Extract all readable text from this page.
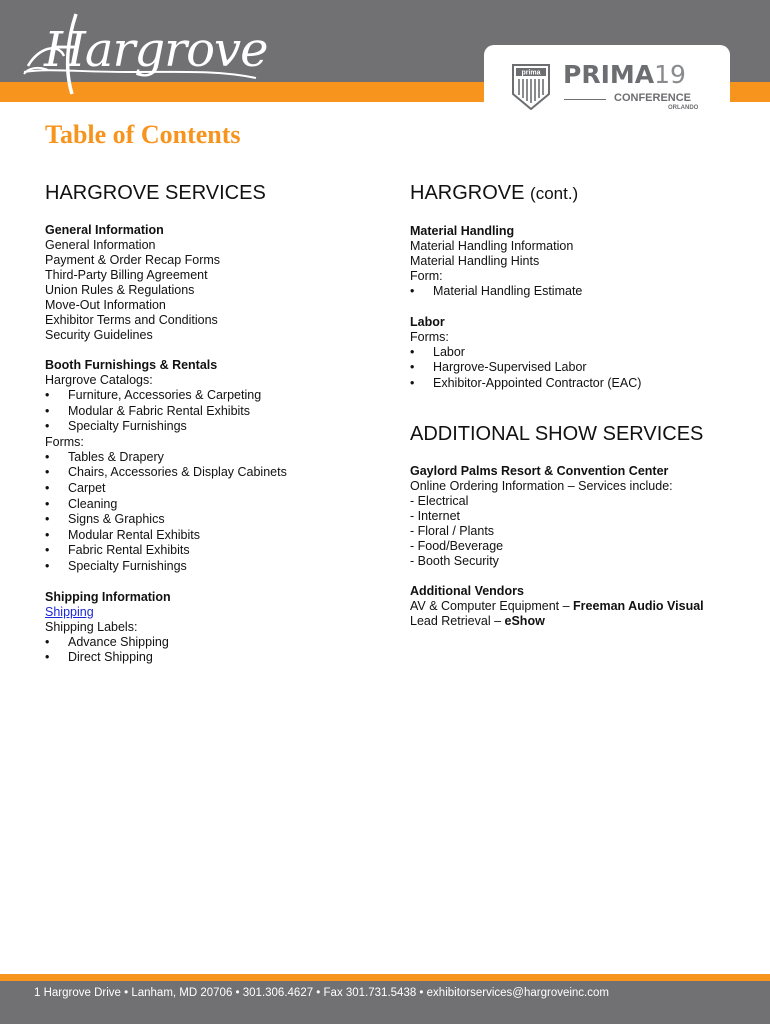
Hargrove	prima PRIMA19
CONFERENCE
ORLANDO
Table of Contents
HARGROVE SERVICES
General Information
General Information
Payment & Order Recap Forms
Third-Party Billing Agreement
Union Rules & Regulations
Move-Out Information
Exhibitor Terms and Conditions
Security Guidelines
Booth Furnishings & Rentals
Hargrove Catalogs:
• Furniture, Accessories & Carpeting
• Modular & Fabric Rental Exhibits
• Specialty Furnishings
Forms:
• Tables & Drapery
• Chairs, Accessories & Display Cabinets
• Carpet
• Cleaning
• Signs & Graphics
• Modular Rental Exhibits
• Fabric Rental Exhibits
• Specialty Furnishings
Shipping Information
Shipping
Shipping Labels:
• Advance Shipping
• Direct Shipping
HARGROVE (cont.)
Material Handling
Material Handling Information
Material Handling Hints
Form:
• Material Handling Estimate
Labor
Forms:
• Labor
• Hargrove-Supervised Labor
• Exhibitor-Appointed Contractor (EAC)
ADDITIONAL SHOW SERVICES
Gaylord Palms Resort & Convention Center
Online Ordering Information – Services include:
- Electrical
- Internet
- Floral / Plants
- Food/Beverage
- Booth Security
Additional Vendors
AV & Computer Equipment – Freeman Audio Visual
Lead Retrieval – eShow
1 Hargrove Drive • Lanham, MD 20706 • 301.306.4627 • Fax 301.731.5438 • exhibitorservices@hargroveinc.com
